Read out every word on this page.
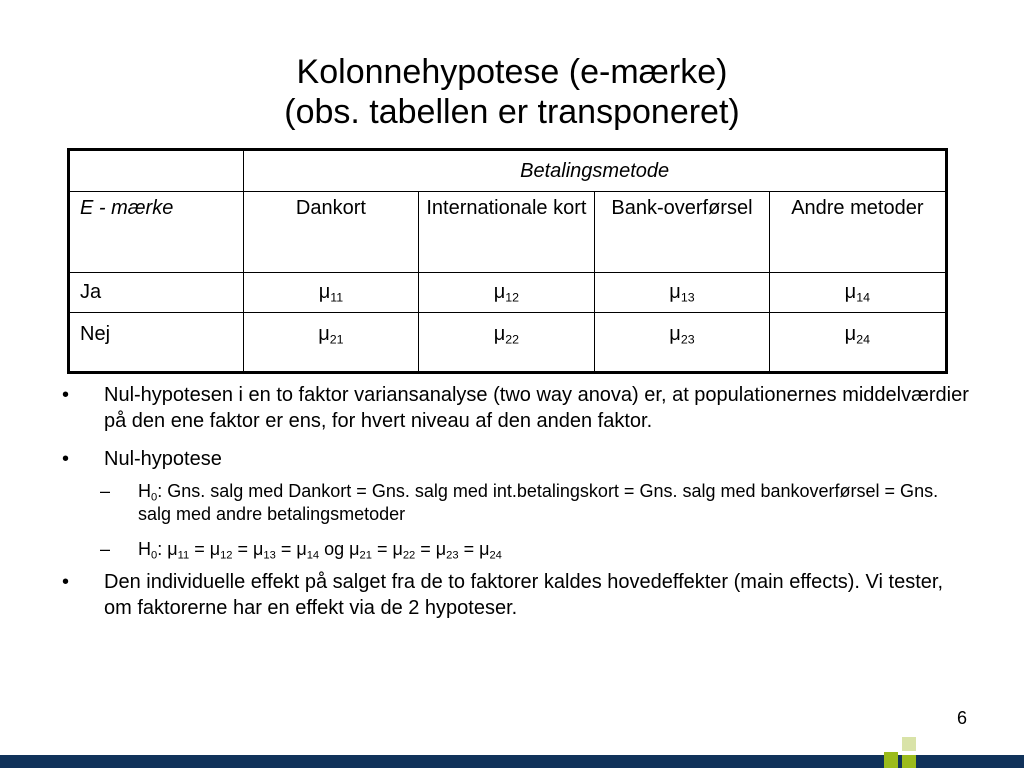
Kolonnehypotese (e-mærke)
(obs. tabellen er transponeret)
	Betalingsmetode			
E - mærke	Dankort	Internationale kort	Bank-overførsel	Andre metoder
Ja	$\mu_{11}$	$\mu_{12}$	$\mu_{13}$	$\mu_{14}$
Nej	$\mu_{21}$	$\mu_{22}$	$\mu_{23}$	$\mu_{24}$
• Nul-hypotesen i en to faktor variansanalyse (two way anova) er, at populationernes middelværdier på den ene faktor er ens, for hvert niveau af den anden faktor.
• Nul-hypotese
– $H_0$: Gns. salg med Dankort = Gns. salg med int.betalingskort = Gns. salg med bankoverførsel = Gns. salg med andre betalingsmetoder
– $H_0$: $\mu_{11} = \mu_{12} = \mu_{13} = \mu_{14}$ og $\mu_{21} = \mu_{22} = \mu_{23} = \mu_{24}$
• Den individuelle effekt på salget fra de to faktorer kaldes hovedeffekter (main effects). Vi tester, om faktorerne har en effekt via de 2 hypoteser.
6
